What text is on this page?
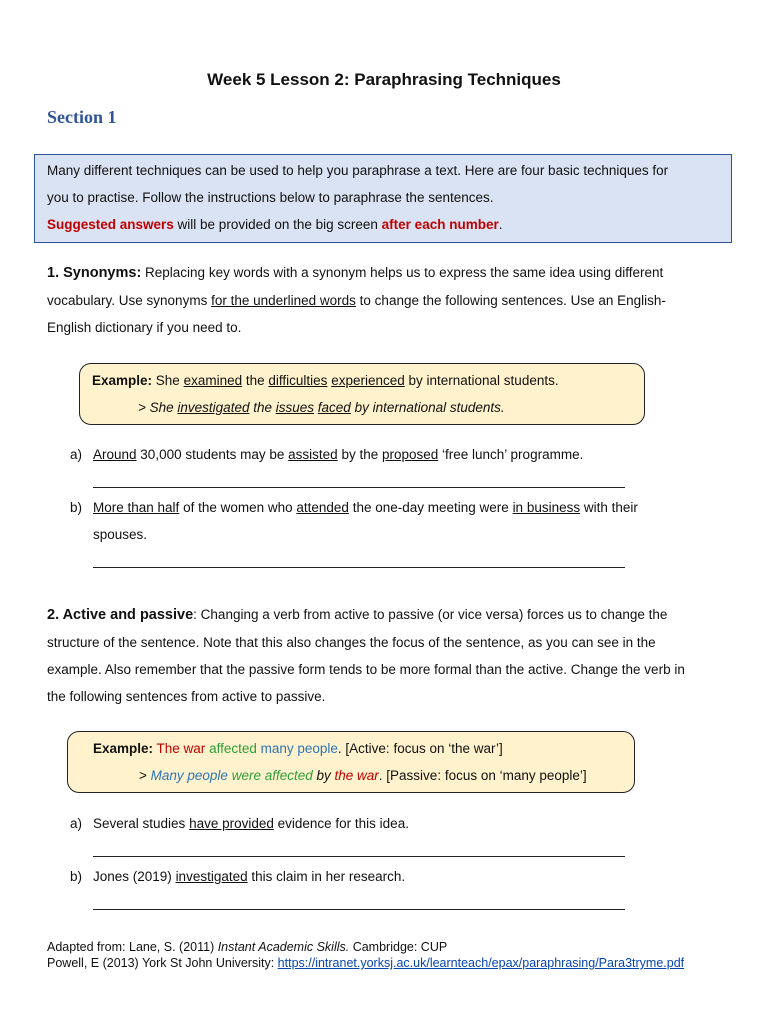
Week 5 Lesson 2: Paraphrasing Techniques
Section 1
Many different techniques can be used to help you paraphrase a text. Here are four basic techniques for
you to practise. Follow the instructions below to paraphrase the sentences.
Suggested answers will be provided on the big screen after each number.
1. Synonyms: Replacing key words with a synonym helps us to express the same idea using different vocabulary. Use synonyms for the underlined words to change the following sentences. Use an English-English dictionary if you need to.
Example: She examined the difficulties experienced by international students.
> She investigated the issues faced by international students.
a) Around 30,000 students may be assisted by the proposed ‘free lunch’ programme.
b) More than half of the women who attended the one-day meeting were in business with their spouses.
2. Active and passive: Changing a verb from active to passive (or vice versa) forces us to change the structure of the sentence. Note that this also changes the focus of the sentence, as you can see in the example. Also remember that the passive form tends to be more formal than the active. Change the verb in the following sentences from active to passive.
Example: The war affected many people. [Active: focus on ‘the war’]
> Many people were affected by the war. [Passive: focus on ‘many people’]
a) Several studies have provided evidence for this idea.
b) Jones (2019) investigated this claim in her research.
Adapted from: Lane, S. (2011) Instant Academic Skills. Cambridge: CUP
Powell, E (2013) York St John University: https://intranet.yorksj.ac.uk/learnteach/epax/paraphrasing/Para3tryme.pdf
